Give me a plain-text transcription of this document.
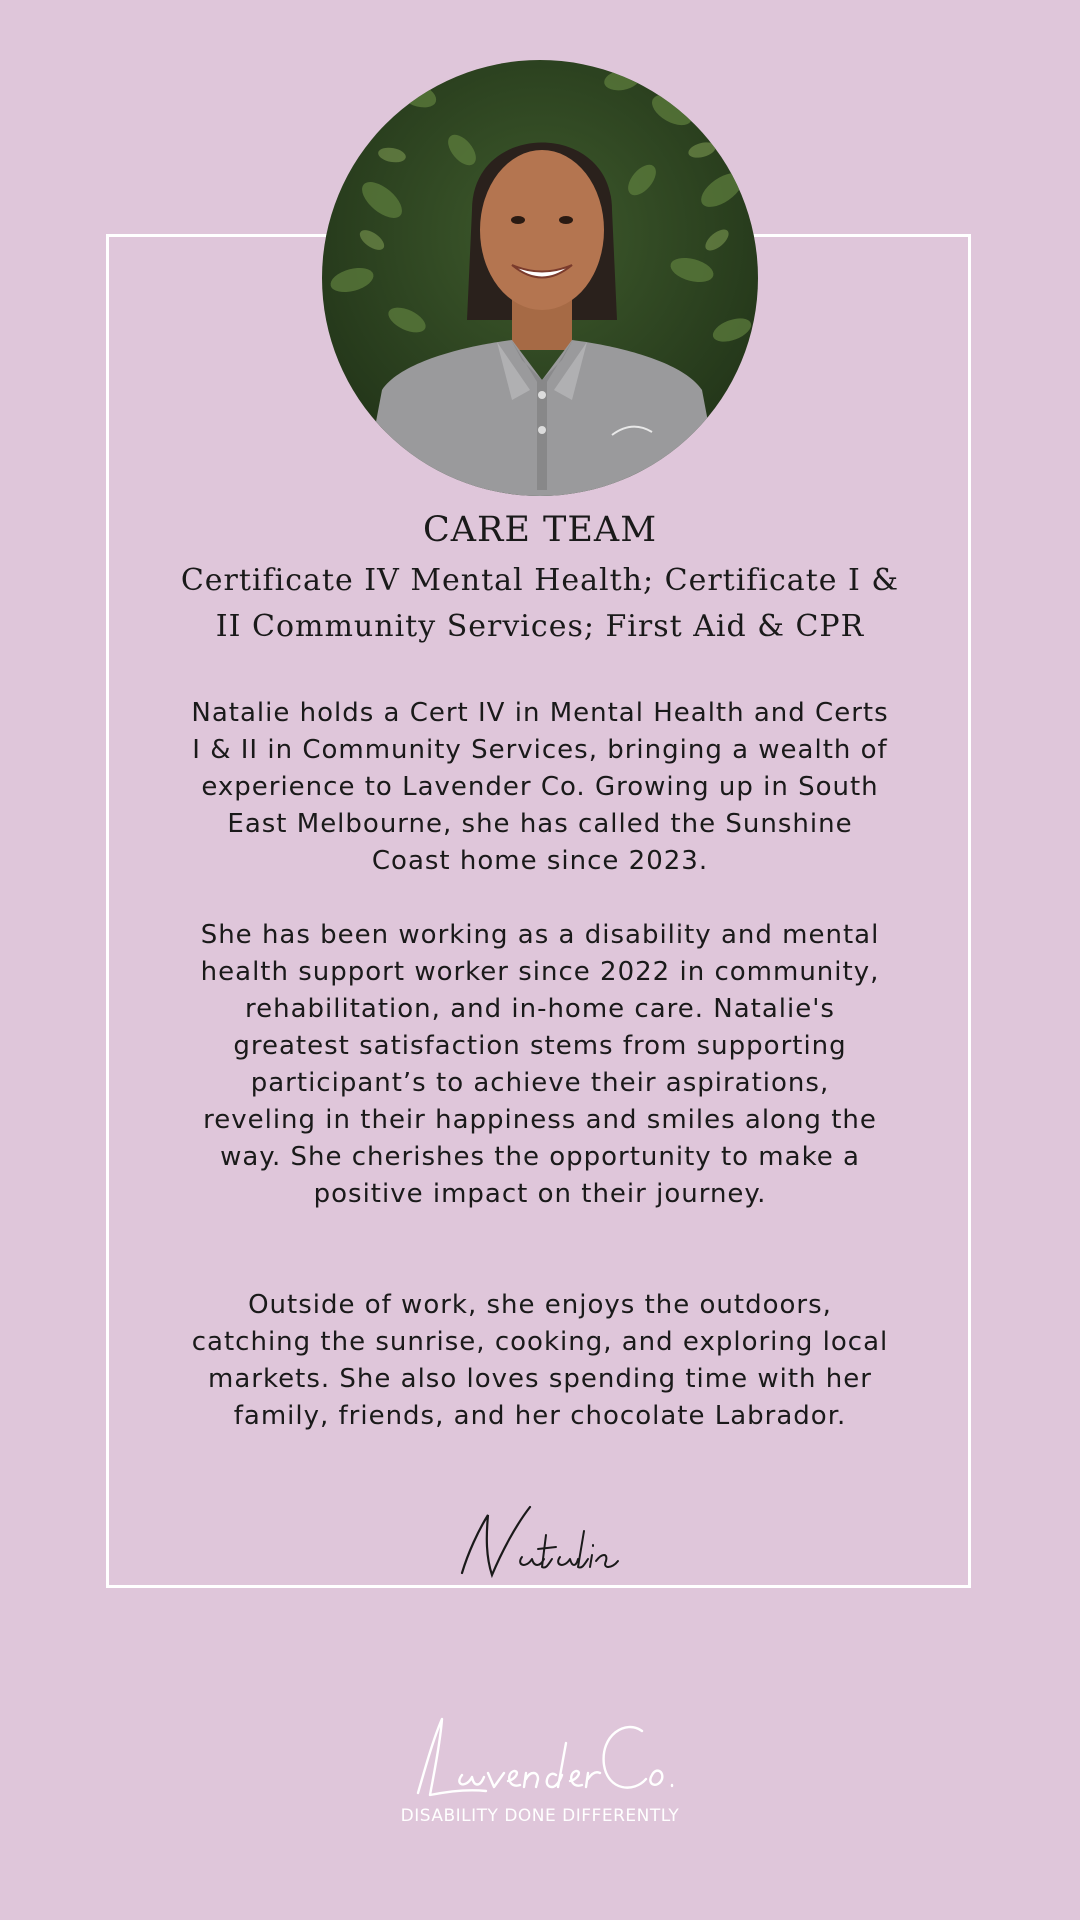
CARE TEAM
Certificate IV Mental Health; Certificate I & II Community Services; First Aid & CPR
Natalie holds a Cert IV in Mental Health and Certs I & II in Community Services, bringing a wealth of experience to Lavender Co. Growing up in South East Melbourne, she has called the Sunshine Coast home since 2023.
She has been working as a disability and mental health support worker since 2022 in community, rehabilitation, and in-home care. Natalie's greatest satisfaction stems from supporting participant’s to achieve their aspirations, reveling in their happiness and smiles along the way. She cherishes the opportunity to make a positive impact on their journey.
Outside of work, she enjoys the outdoors, catching the sunrise, cooking, and exploring local markets. She also loves spending time with her family, friends, and her chocolate Labrador.
DISABILITY DONE DIFFERENTLY
